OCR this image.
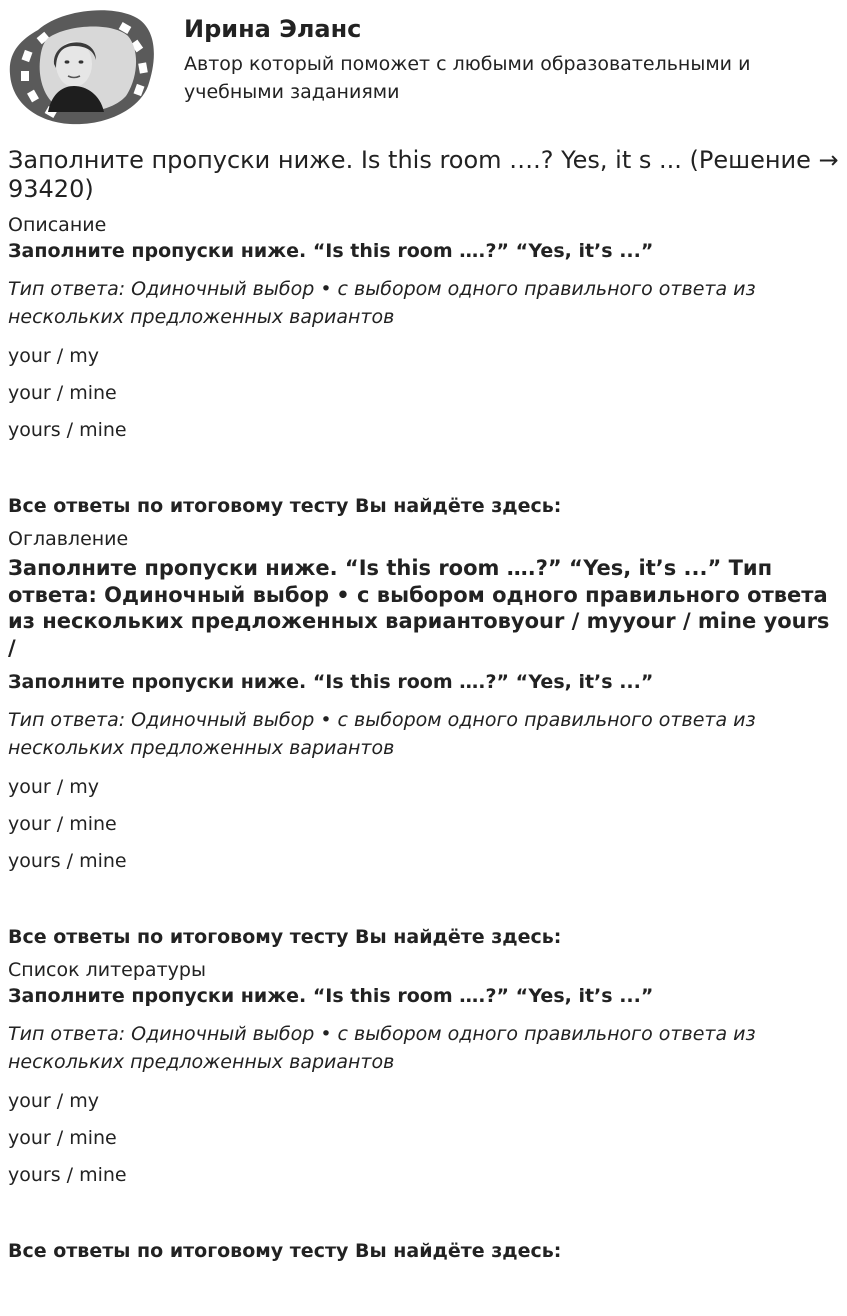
Ирина Эланс

Автор который поможет с любыми образовательными и учебными заданиями

Заполните пропуски ниже. Is this room ….? Yes, it s ... (Решение → 93420)

Описание

Заполните пропуски ниже. “Is this room ….?” “Yes, it’s ...”

Тип ответа: Одиночный выбор • с выбором одного правильного ответа из нескольких предложенных вариантов

your / my

your / mine

yours / mine

Все ответы по итоговому тесту Вы найдёте здесь:

Оглавление

Заполните пропуски ниже. “Is this room ….?” “Yes, it’s ...” Тип ответа: Одиночный выбор • с выбором одного правильного ответа из нескольких предложенных вариантовyour / myyour / mine yours /

Заполните пропуски ниже. “Is this room ….?” “Yes, it’s ...”

Тип ответа: Одиночный выбор • с выбором одного правильного ответа из нескольких предложенных вариантов

your / my

your / mine

yours / mine

Все ответы по итоговому тесту Вы найдёте здесь:

Список литературы

Заполните пропуски ниже. “Is this room ….?” “Yes, it’s ...”

Тип ответа: Одиночный выбор • с выбором одного правильного ответа из нескольких предложенных вариантов

your / my

your / mine

yours / mine

Все ответы по итоговому тесту Вы найдёте здесь:
